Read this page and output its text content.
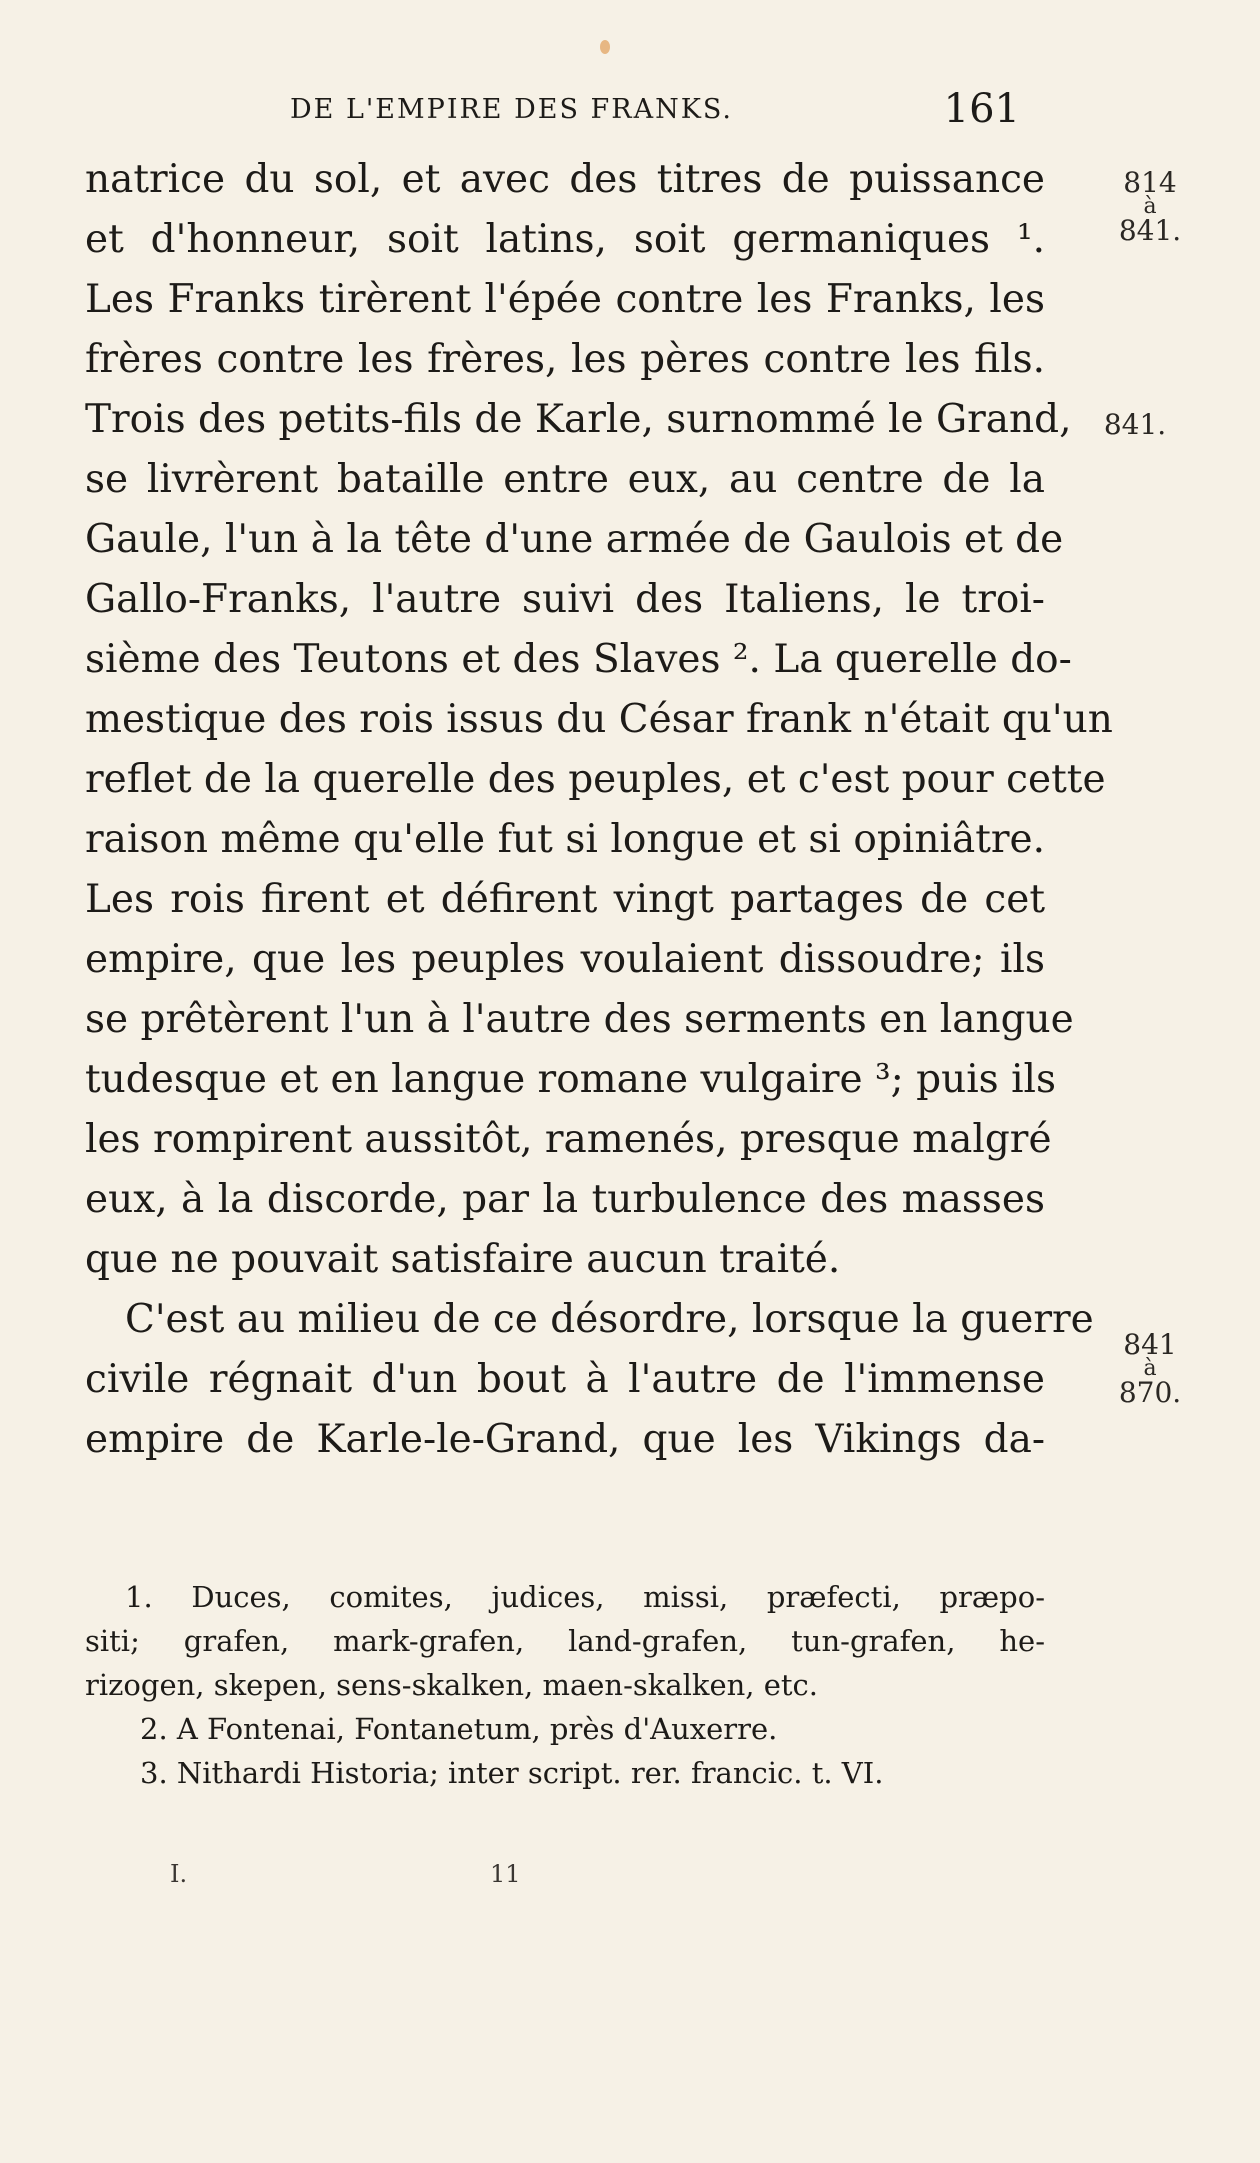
DE L'EMPIRE DES FRANKS.	161
natrice du sol, et avec des titres de puissance
et d'honneur, soit latins, soit germaniques ¹.
Les Franks tirèrent l'épée contre les Franks, les
frères contre les frères, les pères contre les fils.
Trois des petits-fils de Karle, surnommé le Grand,
se livrèrent bataille entre eux, au centre de la
Gaule, l'un à la tête d'une armée de Gaulois et de
Gallo-Franks, l'autre suivi des Italiens, le troi-
sième des Teutons et des Slaves ². La querelle do-
mestique des rois issus du César frank n'était qu'un
reflet de la querelle des peuples, et c'est pour cette
raison même qu'elle fut si longue et si opiniâtre.
Les rois firent et défirent vingt partages de cet
empire, que les peuples voulaient dissoudre; ils
se prêtèrent l'un à l'autre des serments en langue
tudesque et en langue romane vulgaire ³; puis ils
les rompirent aussitôt, ramenés, presque malgré
eux, à la discorde, par la turbulence des masses
que ne pouvait satisfaire aucun traité.
C'est au milieu de ce désordre, lorsque la guerre
civile régnait d'un bout à l'autre de l'immense
empire de Karle-le-Grand, que les Vikings da-
814
à
841.
841.
841
à
870.
1. Duces, comites, judices, missi, præfecti, præpo-
siti; grafen, mark-grafen, land-grafen, tun-grafen, he-
rizogen, skepen, sens-skalken, maen-skalken, etc.
2. A Fontenai, Fontanetum, près d'Auxerre.
3. Nithardi Historia; inter script. rer. francic. t. VI.
I.	11
